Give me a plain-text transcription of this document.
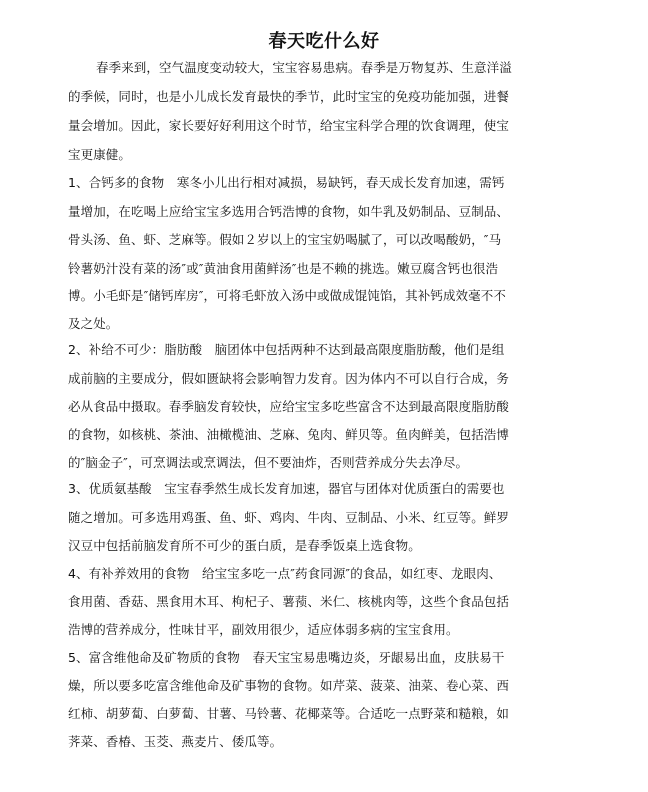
春天吃什么好
春季来到，空气温度变动较大，宝宝容易患病。春季是万物复苏、生意洋溢
的季候，同时，也是小儿成长发育最快的季节，此时宝宝的免疫功能加强，进餐
量会增加。因此，家长要好好利用这个时节，给宝宝科学合理的饮食调理，使宝
宝更康健。
1、合钙多的食物　寒冬小儿出行相对减损，易缺钙，春天成长发育加速，需钙
量增加，在吃喝上应给宝宝多选用合钙浩博的食物，如牛乳及奶制品、豆制品、
骨头汤、鱼、虾、芝麻等。假如２岁以上的宝宝奶喝腻了，可以改喝酸奶，″马
铃薯奶汁没有菜的汤″或″黄油食用菌鲜汤″也是不赖的挑选。嫩豆腐含钙也很浩
博。小毛虾是″储钙库房″，可将毛虾放入汤中或做成馄饨馅，其补钙成效毫不不
及之处。
2、补给不可少：脂肪酸　脑团体中包括两种不达到最高限度脂肪酸，他们是组
成前脑的主要成分，假如匮缺将会影响智力发育。因为体内不可以自行合成，务
必从食品中摄取。春季脑发育较快，应给宝宝多吃些富含不达到最高限度脂肪酸
的食物，如核桃、茶油、油橄榄油、芝麻、兔肉、鲜贝等。鱼肉鲜美，包括浩博
的″脑金子″，可烹调法或烹调法，但不要油炸，否则营养成分失去净尽。
3、优质氨基酸　宝宝春季然生成长发育加速，器官与团体对优质蛋白的需要也
随之增加。可多选用鸡蛋、鱼、虾、鸡肉、牛肉、豆制品、小米、红豆等。鲜罗
汉豆中包括前脑发育所不可少的蛋白质，是春季饭桌上选食物。
4、有补养效用的食物　给宝宝多吃一点″药食同源″的食品，如红枣、龙眼肉、
食用菌、香菇、黑食用木耳、枸杞子、薯蓣、米仁、核桃肉等，这些个食品包括
浩博的营养成分，性味甘平，副效用很少，适应体弱多病的宝宝食用。
5、富含维他命及矿物质的食物　春天宝宝易患嘴边炎，牙龈易出血，皮肤易干
燥，所以要多吃富含维他命及矿事物的食物。如芹菜、菠菜、油菜、卷心菜、西
红柿、胡萝蔔、白萝蔔、甘薯、马铃薯、花椰菜等。合适吃一点野菜和糙粮，如
荠菜、香椿、玉茭、燕麦片、倭瓜等。
